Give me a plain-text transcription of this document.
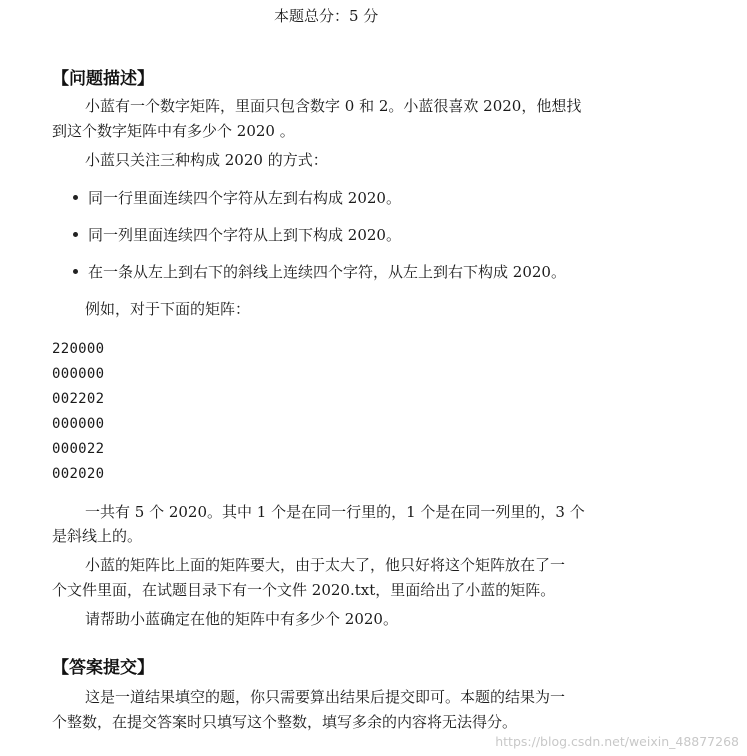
本题总分：5 分
【问题描述】
小蓝有一个数字矩阵，里面只包含数字 0 和 2。小蓝很喜欢 2020，他想找
到这个数字矩阵中有多少个 2020 。
小蓝只关注三种构成 2020 的方式：
同一行里面连续四个字符从左到右构成 2020。
同一列里面连续四个字符从上到下构成 2020。
在一条从左上到右下的斜线上连续四个字符，从左上到右下构成 2020。
例如，对于下面的矩阵：
220000
000000
002202
000000
000022
002020
一共有 5 个 2020。其中 1 个是在同一行里的，1 个是在同一列里的，3 个
是斜线上的。
小蓝的矩阵比上面的矩阵要大，由于太大了，他只好将这个矩阵放在了一
个文件里面，在试题目录下有一个文件 2020.txt，里面给出了小蓝的矩阵。
请帮助小蓝确定在他的矩阵中有多少个 2020。
【答案提交】
这是一道结果填空的题，你只需要算出结果后提交即可。本题的结果为一
个整数，在提交答案时只填写这个整数，填写多余的内容将无法得分。
https://blog.csdn.net/weixin_48877268
